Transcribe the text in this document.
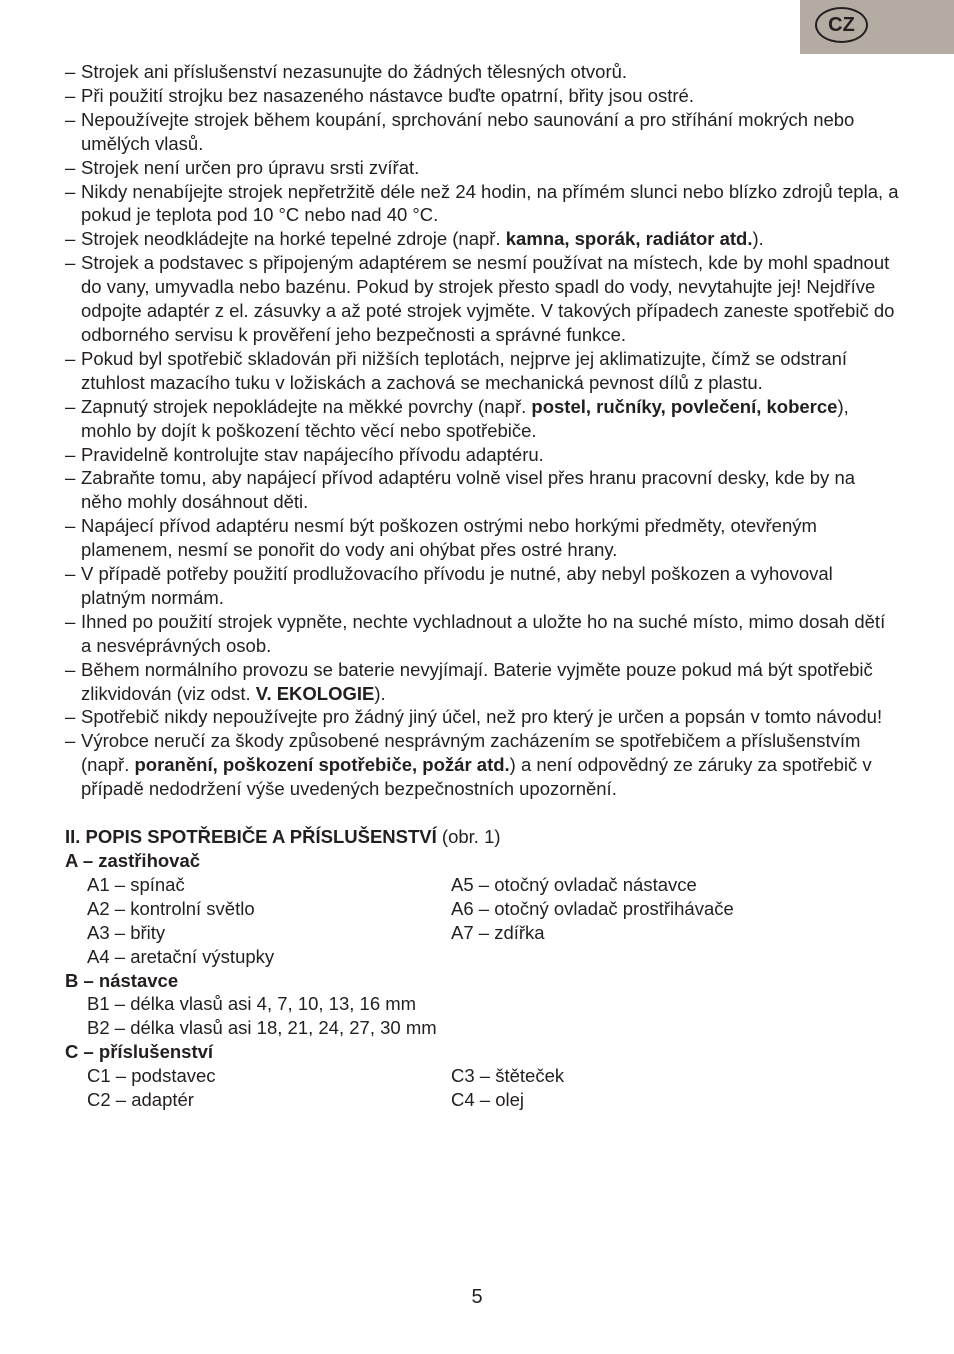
CZ
– Strojek ani příslušenství nezasunujte do žádných tělesných otvorů.
– Při použití strojku bez nasazeného nástavce buďte opatrní, břity jsou ostré.
– Nepoužívejte strojek během koupání, sprchování nebo saunování a pro stříhání mokrých nebo umělých vlasů.
– Strojek není určen pro úpravu srsti zvířat.
– Nikdy nenabíjejte strojek nepřetržitě déle než 24 hodin, na přímém slunci nebo blízko zdrojů tepla, a pokud je teplota pod 10 °C nebo nad 40 °C.
– Strojek neodkládejte na horké tepelné zdroje (např. kamna, sporák, radiátor atd.).
– Strojek a podstavec s připojeným adaptérem se nesmí používat na místech, kde by mohl spadnout do vany, umyvadla nebo bazénu. Pokud by strojek přesto spadl do vody, nevytahujte jej! Nejdříve odpojte adaptér z el. zásuvky a až poté strojek vyjměte. V takových případech zaneste spotřebič do odborného servisu k prověření jeho bezpečnosti a správné funkce.
– Pokud byl spotřebič skladován při nižších teplotách, nejprve jej aklimatizujte, čímž se odstraní ztuhlost mazacího tuku v ložiskách a zachová se mechanická pevnost dílů z plastu.
– Zapnutý strojek nepokládejte na měkké povrchy (např. postel, ručníky, povlečení, koberce), mohlo by dojít k poškození těchto věcí nebo spotřebiče.
– Pravidelně kontrolujte stav napájecího přívodu adaptéru.
– Zabraňte tomu, aby napájecí přívod adaptéru volně visel přes hranu pracovní desky, kde by na něho mohly dosáhnout děti.
– Napájecí přívod adaptéru nesmí být poškozen ostrými nebo horkými předměty, otevřeným plamenem, nesmí se ponořit do vody ani ohýbat přes ostré hrany.
– V případě potřeby použití prodlužovacího přívodu je nutné, aby nebyl poškozen a vyhovoval platným normám.
– Ihned po použití strojek vypněte, nechte vychladnout a uložte ho na suché místo, mimo dosah dětí a nesvéprávných osob.
– Během normálního provozu se baterie nevyjímají. Baterie vyjměte pouze pokud má být spotřebič zlikvidován (viz odst. V. EKOLOGIE).
– Spotřebič nikdy nepoužívejte pro žádný jiný účel, než pro který je určen a popsán v tomto návodu!
– Výrobce neručí za škody způsobené nesprávným zacházením se spotřebičem a příslušenstvím (např. poranění, poškození spotřebiče, požár atd.) a není odpovědný ze záruky za spotřebič v případě nedodržení výše uvedených bezpečnostních upozornění.
II. POPIS SPOTŘEBIČE A PŘÍSLUŠENSTVÍ (obr. 1)
A – zastřihovač
A1 – spínač	A5 – otočný ovladač nástavce
A2 – kontrolní světlo	A6 – otočný ovladač prostřihávače
A3 – břity	A7 – zdířka
A4 – aretační výstupky
B – nástavce
B1 – délka vlasů asi 4, 7, 10, 13, 16 mm
B2 – délka vlasů asi 18, 21, 24, 27, 30 mm
C – příslušenství
C1 – podstavec	C3 – štěteček
C2 – adaptér	C4 – olej
5
